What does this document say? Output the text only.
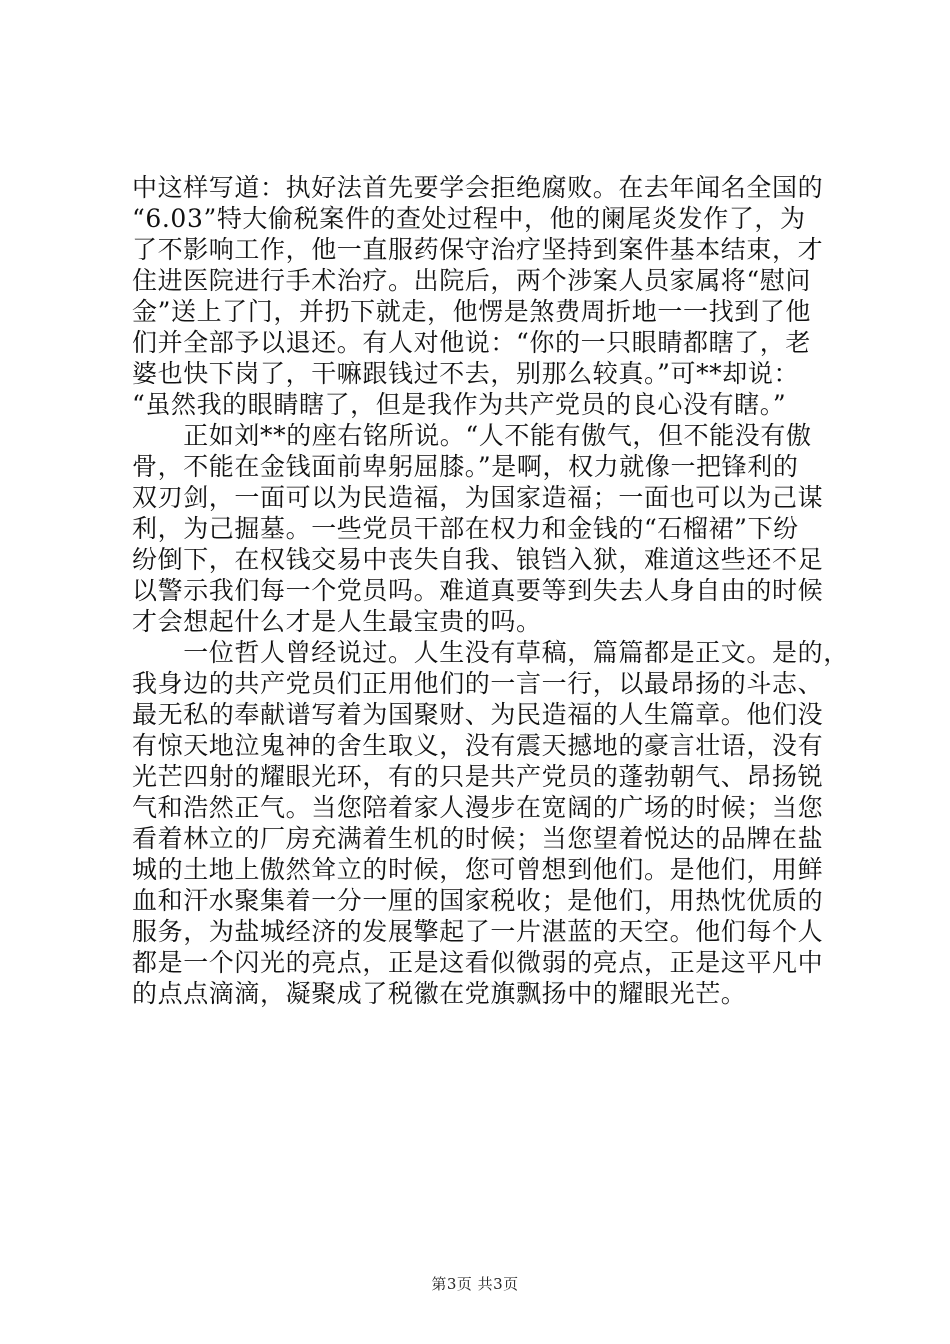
中这样写道：执好法首先要学会拒绝腐败。在去年闻名全国的
“6.03”特大偷税案件的查处过程中，他的阑尾炎发作了，为
了不影响工作，他一直服药保守治疗坚持到案件基本结束，才
住进医院进行手术治疗。出院后，两个涉案人员家属将“慰问
金”送上了门，并扔下就走，他愣是煞费周折地一一找到了他
们并全部予以退还。有人对他说：“你的一只眼睛都瞎了，老
婆也快下岗了，干嘛跟钱过不去，别那么较真。”可**却说：
“虽然我的眼睛瞎了，但是我作为共产党员的良心没有瞎。”
　　正如刘**的座右铭所说。“人不能有傲气，但不能没有傲
骨，不能在金钱面前卑躬屈膝。”是啊，权力就像一把锋利的
双刃剑，一面可以为民造福，为国家造福；一面也可以为己谋
利，为己掘墓。一些党员干部在权力和金钱的“石榴裙”下纷
纷倒下，在权钱交易中丧失自我、锒铛入狱，难道这些还不足
以警示我们每一个党员吗。难道真要等到失去人身自由的时候
才会想起什么才是人生最宝贵的吗。
　　一位哲人曾经说过。人生没有草稿，篇篇都是正文。是的，
我身边的共产党员们正用他们的一言一行，以最昂扬的斗志、
最无私的奉献谱写着为国聚财、为民造福的人生篇章。他们没
有惊天地泣鬼神的舍生取义，没有震天撼地的豪言壮语，没有
光芒四射的耀眼光环，有的只是共产党员的蓬勃朝气、昂扬锐
气和浩然正气。当您陪着家人漫步在宽阔的广场的时候；当您
看着林立的厂房充满着生机的时候；当您望着悦达的品牌在盐
城的土地上傲然耸立的时候，您可曾想到他们。是他们，用鲜
血和汗水聚集着一分一厘的国家税收；是他们，用热忱优质的
服务，为盐城经济的发展擎起了一片湛蓝的天空。他们每个人
都是一个闪光的亮点，正是这看似微弱的亮点，正是这平凡中
的点点滴滴，凝聚成了税徽在党旗飘扬中的耀眼光芒。
第3页 共3页
